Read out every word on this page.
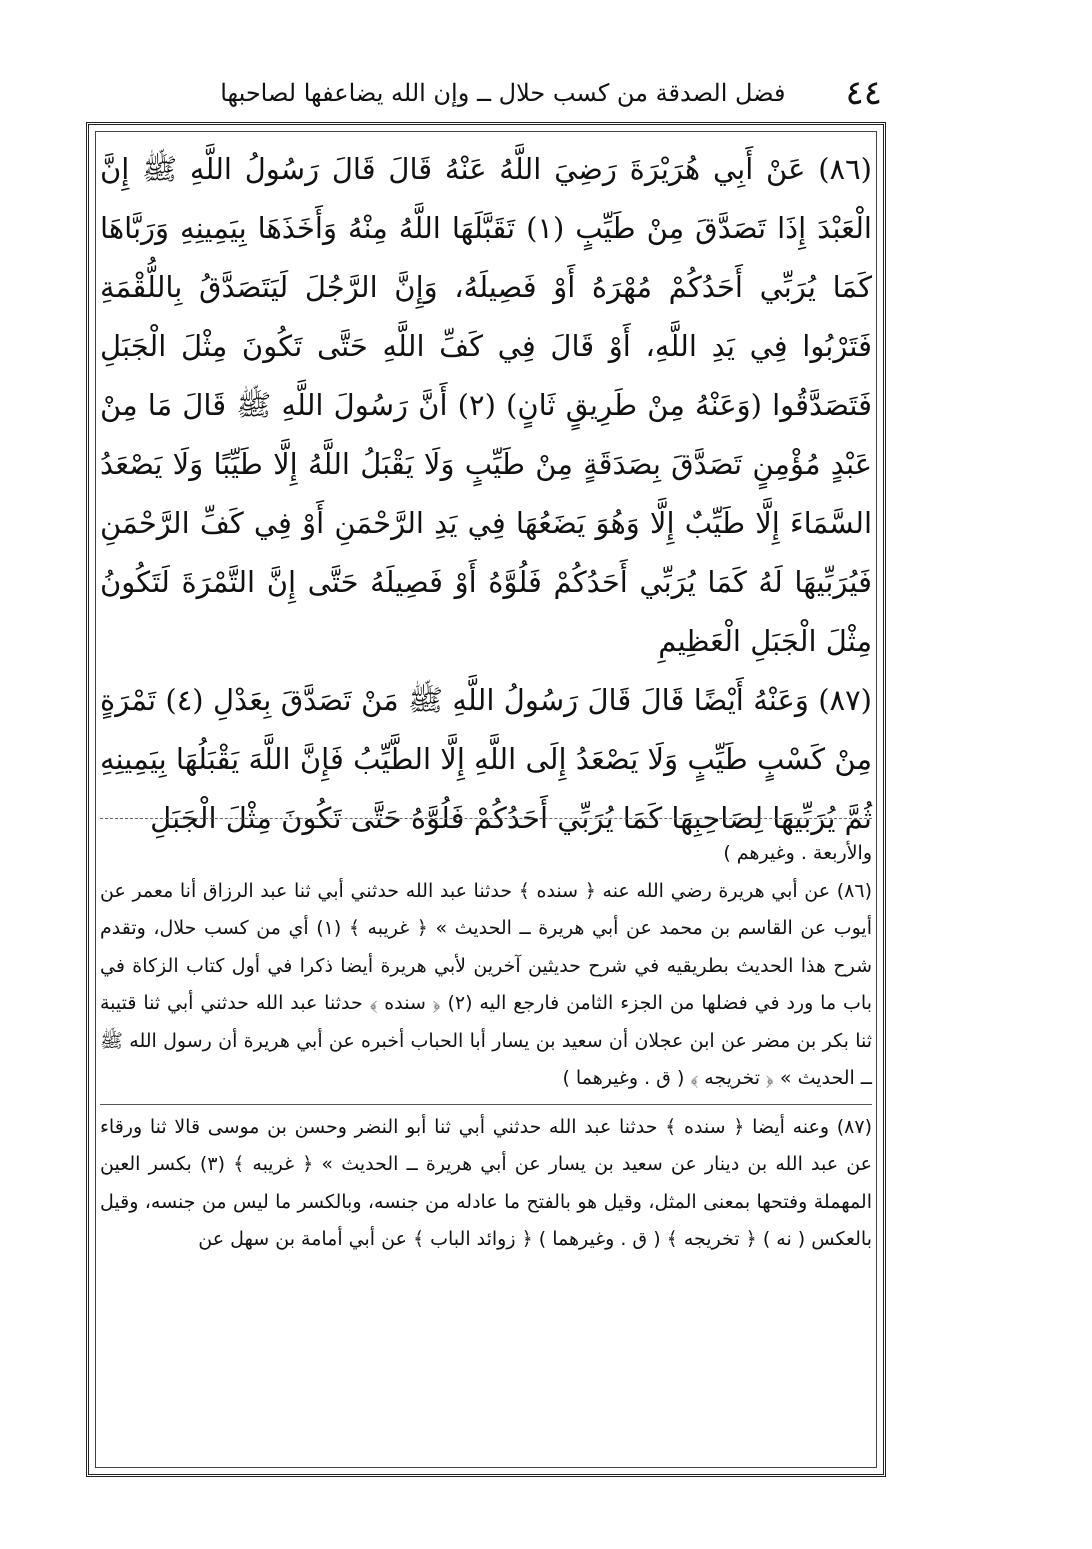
٤٤
فضل الصدقة من كسب حلال ــ وإن الله يضاعفها لصاحبها

(٨٦) عَنْ أَبِي هُرَيْرَةَ رَضِيَ اللَّهُ عَنْهُ قَالَ قَالَ رَسُولُ اللَّهِ ﷺ إِنَّ الْعَبْدَ إِذَا تَصَدَّقَ مِنْ طَيِّبٍ (١) تَقَبَّلَهَا اللَّهُ مِنْهُ وَأَخَذَهَا بِيَمِينِهِ وَرَبَّاهَا كَمَا يُرَبِّي أَحَدُكُمْ مُهْرَهُ أَوْ فَصِيلَهُ، وَإِنَّ الرَّجُلَ لَيَتَصَدَّقُ بِاللُّقْمَةِ فَتَرْبُوا فِي يَدِ اللَّهِ، أَوْ قَالَ فِي كَفِّ اللَّهِ حَتَّى تَكُونَ مِثْلَ الْجَبَلِ فَتَصَدَّقُوا (وَعَنْهُ مِنْ طَرِيقٍ ثَانٍ) (٢) أَنَّ رَسُولَ اللَّهِ ﷺ قَالَ مَا مِنْ عَبْدٍ مُؤْمِنٍ تَصَدَّقَ بِصَدَقَةٍ مِنْ طَيِّبٍ وَلَا يَقْبَلُ اللَّهُ إِلَّا طَيِّبًا وَلَا يَصْعَدُ السَّمَاءَ إِلَّا طَيِّبٌ إِلَّا وَهُوَ يَضَعُهَا فِي يَدِ الرَّحْمَنِ أَوْ فِي كَفِّ الرَّحْمَنِ فَيُرَبِّيهَا لَهُ كَمَا يُرَبِّي أَحَدُكُمْ فَلُوَّهُ أَوْ فَصِيلَهُ حَتَّى إِنَّ التَّمْرَةَ لَتَكُونُ مِثْلَ الْجَبَلِ الْعَظِيمِ

(٨٧) وَعَنْهُ أَيْضًا قَالَ قَالَ رَسُولُ اللَّهِ ﷺ مَنْ تَصَدَّقَ بِعَدْلِ (٤) تَمْرَةٍ مِنْ كَسْبٍ طَيِّبٍ وَلَا يَصْعَدُ إِلَى اللَّهِ إِلَّا الطَّيِّبُ فَإِنَّ اللَّهَ يَقْبَلُهَا بِيَمِينِهِ ثُمَّ يُرَبِّيهَا لِصَاحِبِهَا كَمَا يُرَبِّي أَحَدُكُمْ فَلُوَّهُ حَتَّى تَكُونَ مِثْلَ الْجَبَلِ

والأربعة . وغيرهم )

(٨٦) عن أبي هريرة رضي الله عنه ﴿ سنده ﴾ حدثنا عبد الله حدثني أبي ثنا عبد الرزاق أنا معمر عن أيوب عن القاسم بن محمد عن أبي هريرة ــ الحديث » ﴿ غريبه ﴾ (١) أي من كسب حلال، وتقدم شرح هذا الحديث بطريقيه في شرح حديثين آخرين لأبي هريرة أيضا ذكرا في أول كتاب الزكاة في باب ما ورد في فضلها من الجزء الثامن فارجع اليه (٢) ﴿ سنده ﴾ حدثنا عبد الله حدثني أبي ثنا قتيبة ثنا بكر بن مضر عن ابن عجلان أن سعيد بن يسار أبا الحباب أخبره عن أبي هريرة أن رسول الله ﷺ ــ الحديث » ﴿ تخريجه ﴾ ( ق . وغيرهما )

(٨٧) وعنه أيضا ﴿ سنده ﴾ حدثنا عبد الله حدثني أبي ثنا أبو النضر وحسن بن موسى قالا ثنا ورقاء عن عبد الله بن دينار عن سعيد بن يسار عن أبي هريرة ــ الحديث » ﴿ غريبه ﴾ (٣) بكسر العين المهملة وفتحها بمعنى المثل، وقيل هو بالفتح ما عادله من جنسه، وبالكسر ما ليس من جنسه، وقيل بالعكس ( نه ) ﴿ تخريجه ﴾ ( ق . وغيرهما ) ﴿ زوائد الباب ﴾ عن أبي أمامة بن سهل عن
